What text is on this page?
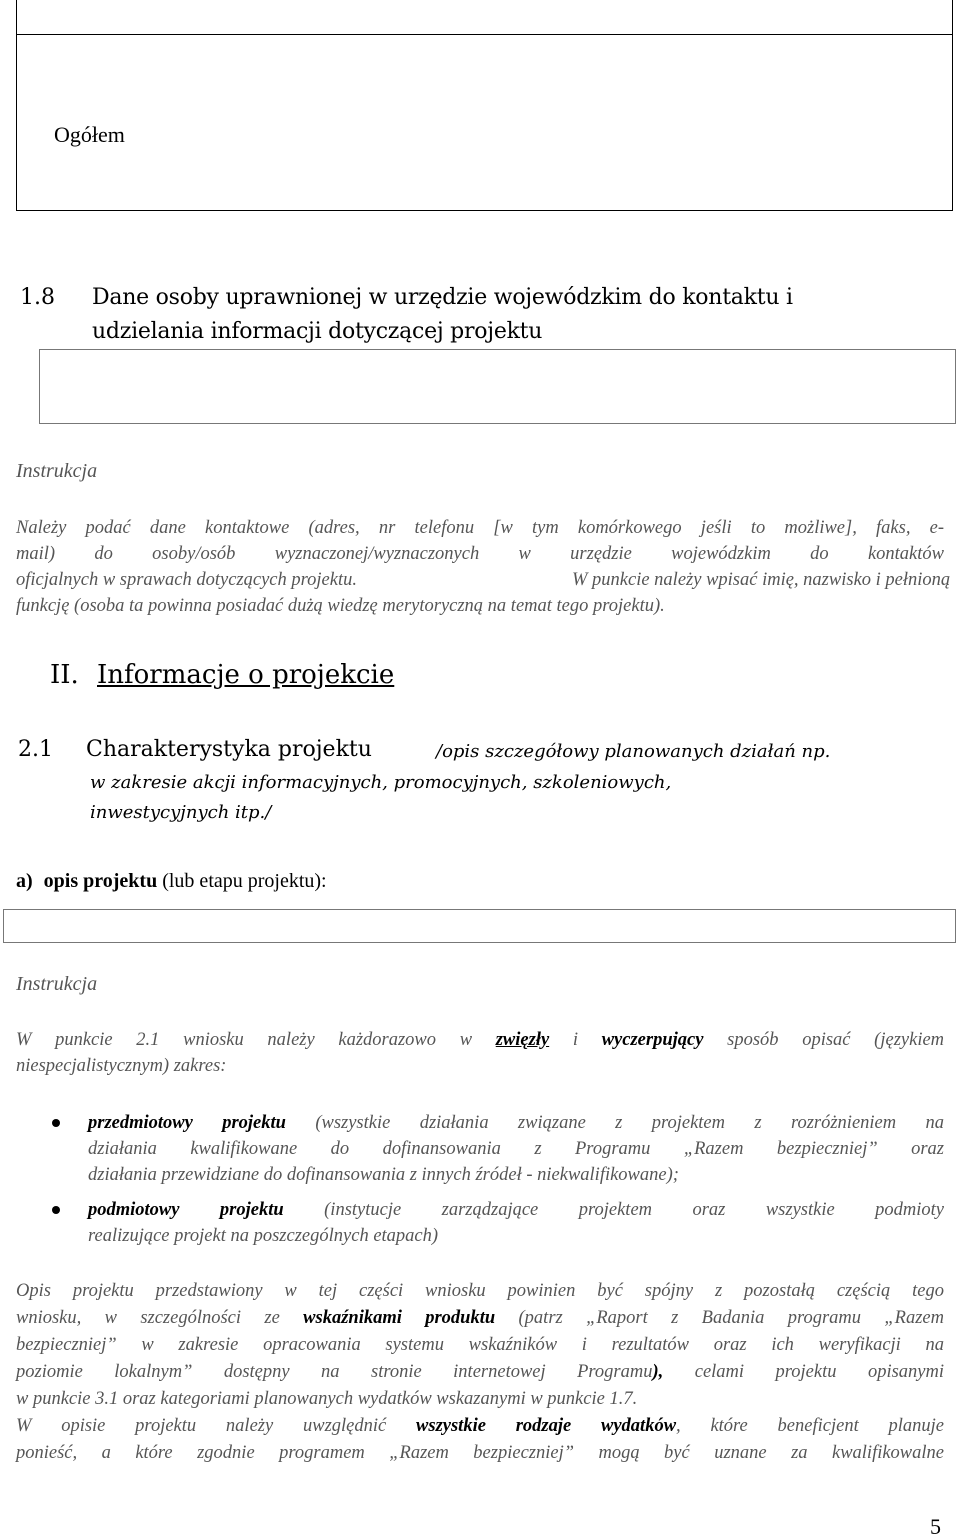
Ogółem
1.8 Dane osoby uprawnionej w urzędzie wojewódzkim do kontaktu i
udzielania informacji dotyczącej projektu
Instrukcja
Należy podać dane kontaktowe (adres, nr telefonu [w tym komórkowego jeśli to możliwe], faks, e-
mail) do osoby/osób wyznaczonej/wyznaczonych w urzędzie wojewódzkim do kontaktów
oficjalnych w sprawach dotyczących projektu.	W punkcie należy wpisać imię, nazwisko i pełnioną
funkcję (osoba ta powinna posiadać dużą wiedzę merytoryczną na temat tego projektu).
II. Informacje o projekcie
2.1 Charakterystyka projektu	/opis szczegółowy planowanych działań np.
w zakresie akcji informacyjnych, promocyjnych, szkoleniowych,
inwestycyjnych itp./
a) opis projektu (lub etapu projektu):
Instrukcja
W punkcie 2.1 wniosku należy każdorazowo w zwięzły i wyczerpujący sposób opisać (językiem
niespecjalistycznym) zakres:
przedmiotowy projektu (wszystkie działania związane z projektem z rozróżnieniem na
działania kwalifikowane do dofinansowania z Programu „Razem bezpieczniej” oraz
działania przewidziane do dofinansowania z innych źródeł - niekwalifikowane);
podmiotowy projektu (instytucje zarządzające projektem oraz wszystkie podmioty
realizujące projekt na poszczególnych etapach)
Opis projektu przedstawiony w tej części wniosku powinien być spójny z pozostałą częścią tego
wniosku, w szczególności ze wskaźnikami produktu (patrz „Raport z Badania programu „Razem
bezpieczniej” w zakresie opracowania systemu wskaźników i rezultatów oraz ich weryfikacji na
poziomie lokalnym” dostępny na stronie internetowej Programu), celami projektu opisanymi
w punkcie 3.1 oraz kategoriami planowanych wydatków wskazanymi w punkcie 1.7.
W opisie projektu należy uwzględnić wszystkie rodzaje wydatków, które beneficjent planuje
ponieść, a które zgodnie programem „Razem bezpieczniej” mogą być uznane za kwalifikowalne
5
